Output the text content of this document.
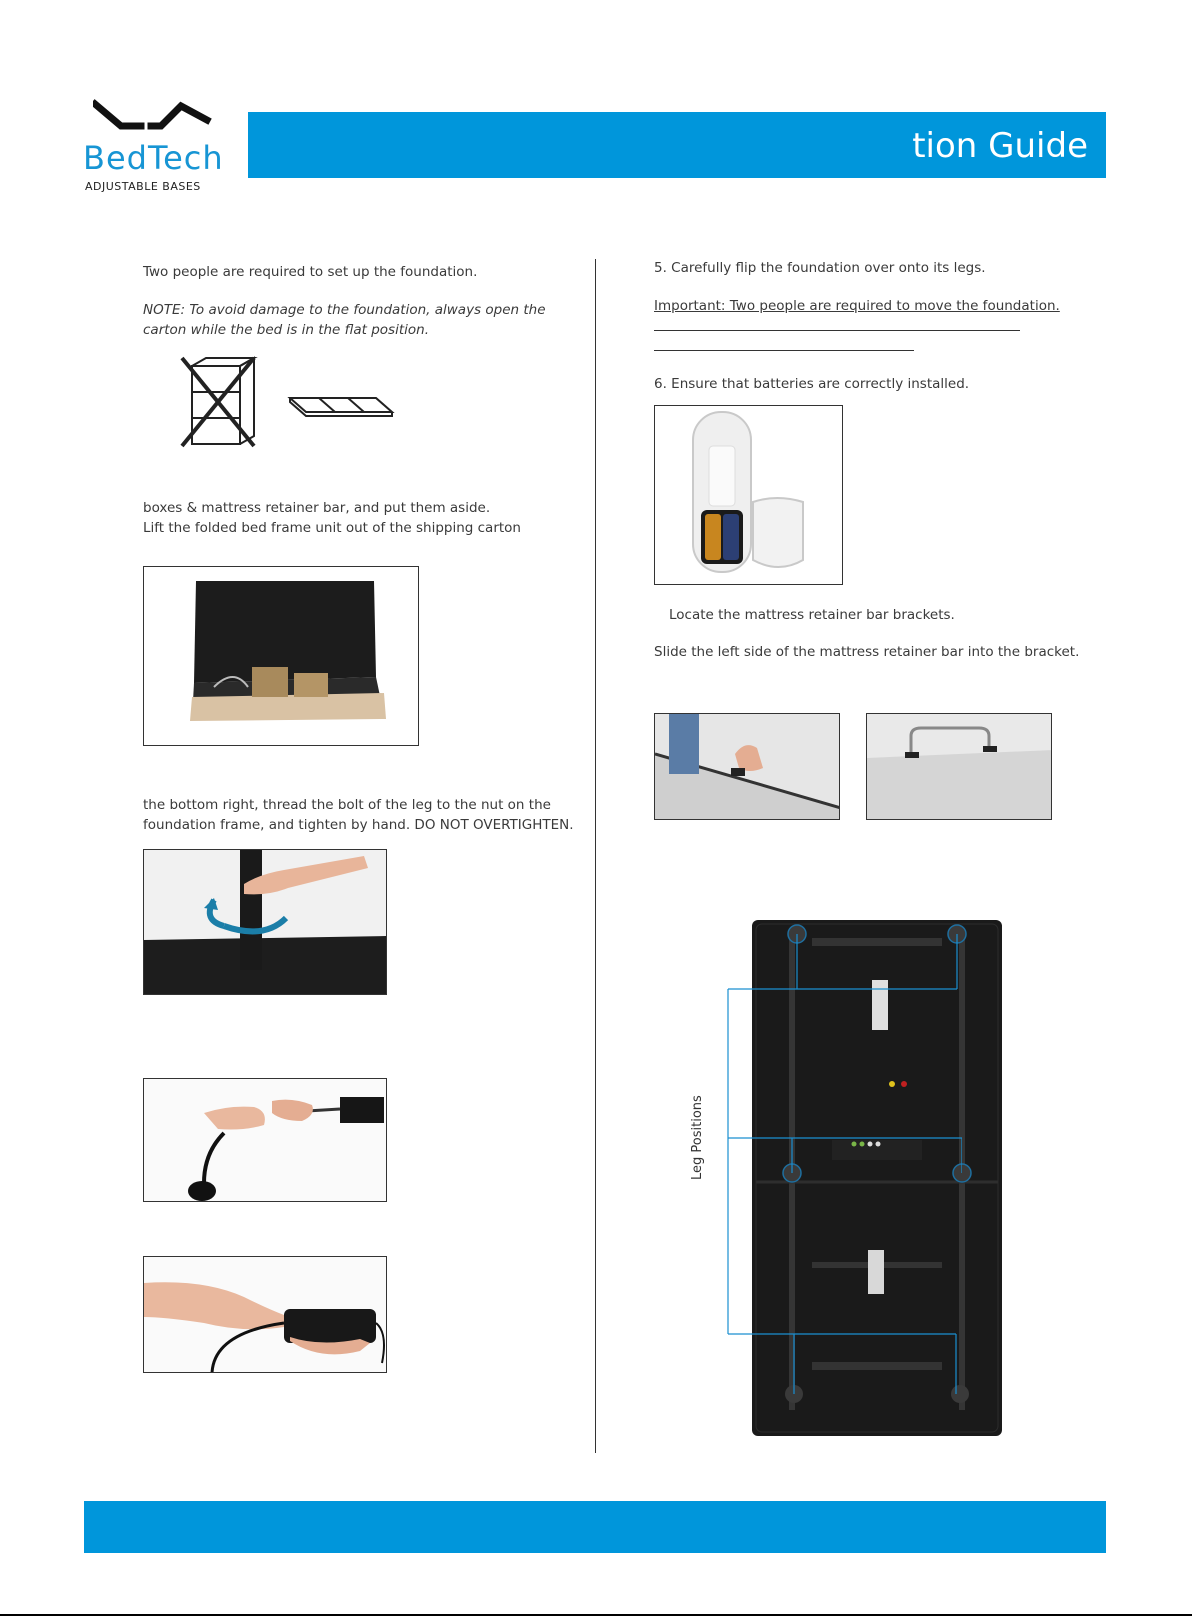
BedTech
ADJUSTABLE BASES
tion Guide
Two people are required to set up the foundation.
NOTE: To avoid damage to the foundation, always open the
carton while the bed is in the flat position.
boxes & mattress retainer bar, and put them aside.
Lift the folded bed frame unit out of the shipping carton
the bottom right, thread the bolt of the leg to the nut on the
foundation frame, and tighten by hand. DO NOT OVERTIGHTEN.
5. Carefully flip the foundation over onto its legs.
Important: Two people are required to move the foundation.
6. Ensure that batteries are correctly installed.
Locate the mattress retainer bar brackets.
Slide the left side of the mattress retainer bar into the bracket.
Leg Positions
